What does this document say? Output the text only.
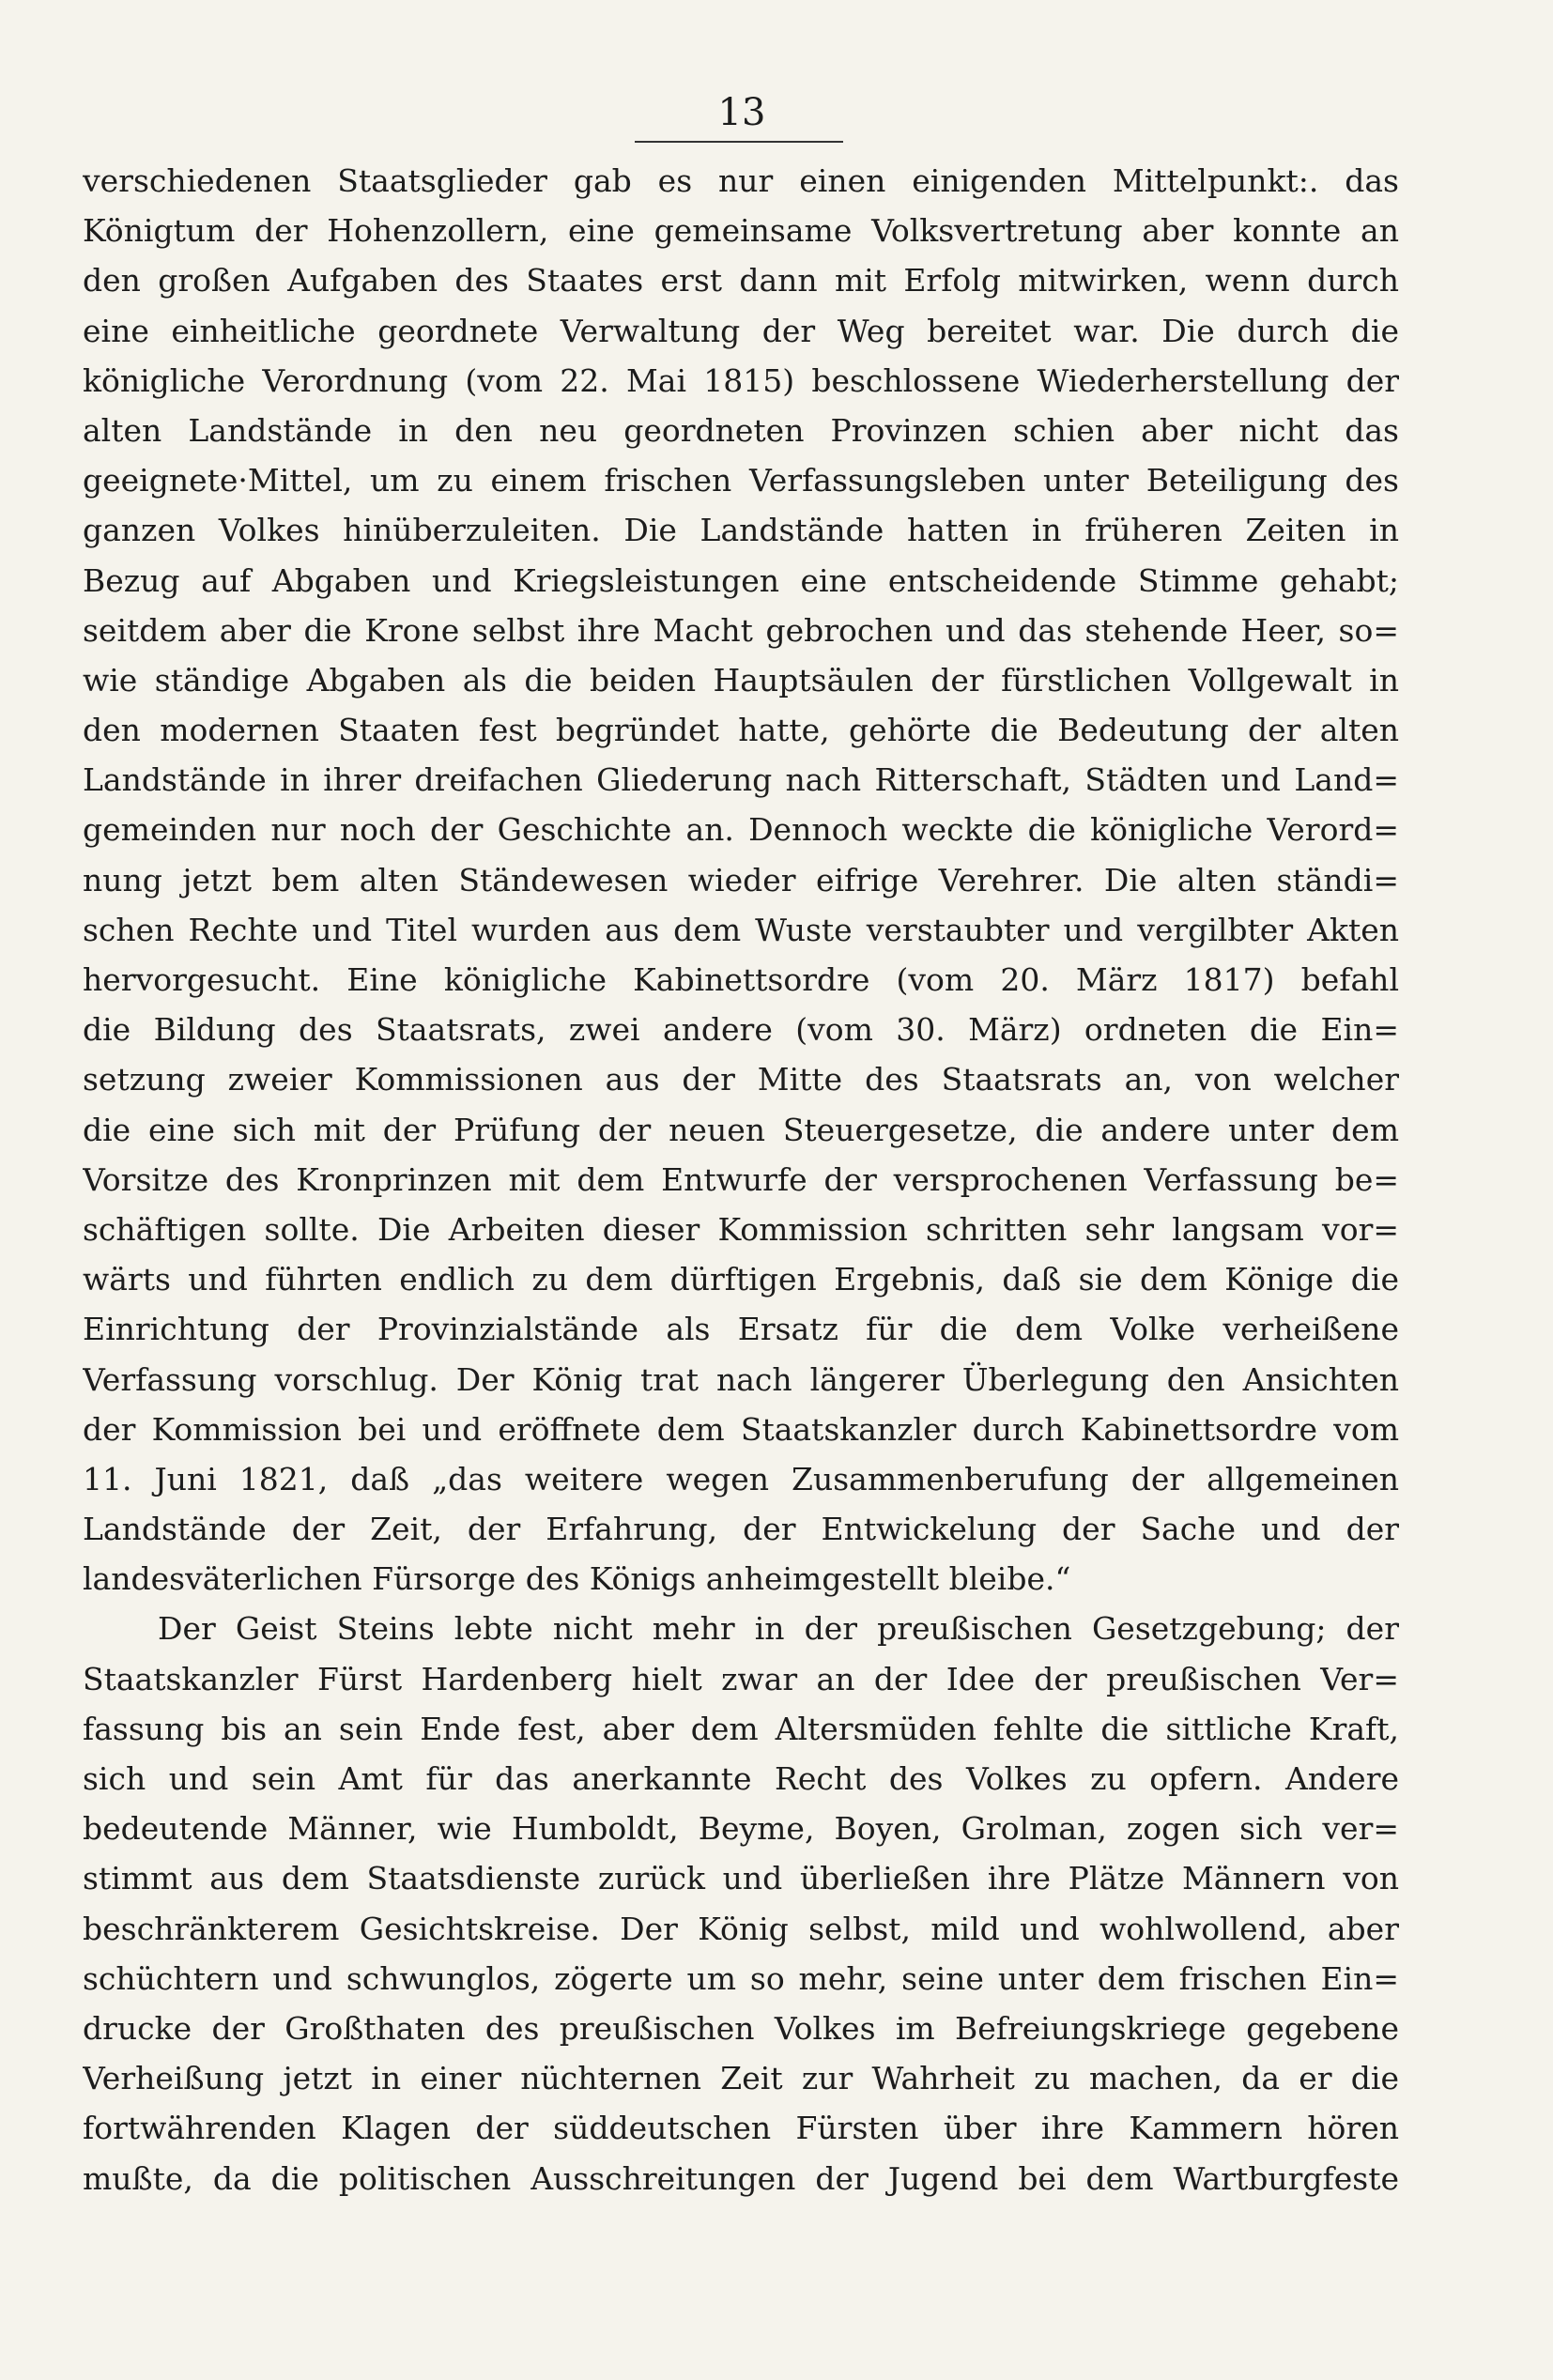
13
verschiedenen Staatsglieder gab es nur einen einigenden Mittelpunkt:. das
Königtum der Hohenzollern, eine gemeinsame Volksvertretung aber konnte an
den großen Aufgaben des Staates erst dann mit Erfolg mitwirken, wenn durch
eine einheitliche geordnete Verwaltung der Weg bereitet war. Die durch die
königliche Verordnung (vom 22. Mai 1815) beschlossene Wiederherstellung der
alten Landstände in den neu geordneten Provinzen schien aber nicht das
geeignete·Mittel, um zu einem frischen Verfassungsleben unter Beteiligung des
ganzen Volkes hinüberzuleiten. Die Landstände hatten in früheren Zeiten in
Bezug auf Abgaben und Kriegsleistungen eine entscheidende Stimme gehabt;
seitdem aber die Krone selbst ihre Macht gebrochen und das stehende Heer, so=
wie ständige Abgaben als die beiden Hauptsäulen der fürstlichen Vollgewalt in
den modernen Staaten fest begründet hatte, gehörte die Bedeutung der alten
Landstände in ihrer dreifachen Gliederung nach Ritterschaft, Städten und Land=
gemeinden nur noch der Geschichte an. Dennoch weckte die königliche Verord=
nung jetzt bem alten Ständewesen wieder eifrige Verehrer. Die alten ständi=
schen Rechte und Titel wurden aus dem Wuste verstaubter und vergilbter Akten
hervorgesucht. Eine königliche Kabinettsordre (vom 20. März 1817) befahl
die Bildung des Staatsrats, zwei andere (vom 30. März) ordneten die Ein=
setzung zweier Kommissionen aus der Mitte des Staatsrats an, von welcher
die eine sich mit der Prüfung der neuen Steuergesetze, die andere unter dem
Vorsitze des Kronprinzen mit dem Entwurfe der versprochenen Verfassung be=
schäftigen sollte. Die Arbeiten dieser Kommission schritten sehr langsam vor=
wärts und führten endlich zu dem dürftigen Ergebnis, daß sie dem Könige die
Einrichtung der Provinzialstände als Ersatz für die dem Volke verheißene
Verfassung vorschlug. Der König trat nach längerer Überlegung den Ansichten
der Kommission bei und eröffnete dem Staatskanzler durch Kabinettsordre vom
11. Juni 1821, daß „das weitere wegen Zusammenberufung der allgemeinen
Landstände der Zeit, der Erfahrung, der Entwickelung der Sache und der
landesväterlichen Fürsorge des Königs anheimgestellt bleibe.“
Der Geist Steins lebte nicht mehr in der preußischen Gesetzgebung; der
Staatskanzler Fürst Hardenberg hielt zwar an der Idee der preußischen Ver=
fassung bis an sein Ende fest, aber dem Altersmüden fehlte die sittliche Kraft,
sich und sein Amt für das anerkannte Recht des Volkes zu opfern. Andere
bedeutende Männer, wie Humboldt, Beyme, Boyen, Grolman, zogen sich ver=
stimmt aus dem Staatsdienste zurück und überließen ihre Plätze Männern von
beschränkterem Gesichtskreise. Der König selbst, mild und wohlwollend, aber
schüchtern und schwunglos, zögerte um so mehr, seine unter dem frischen Ein=
drucke der Großthaten des preußischen Volkes im Befreiungskriege gegebene
Verheißung jetzt in einer nüchternen Zeit zur Wahrheit zu machen, da er die
fortwährenden Klagen der süddeutschen Fürsten über ihre Kammern hören
mußte, da die politischen Ausschreitungen der Jugend bei dem Wartburgfeste
